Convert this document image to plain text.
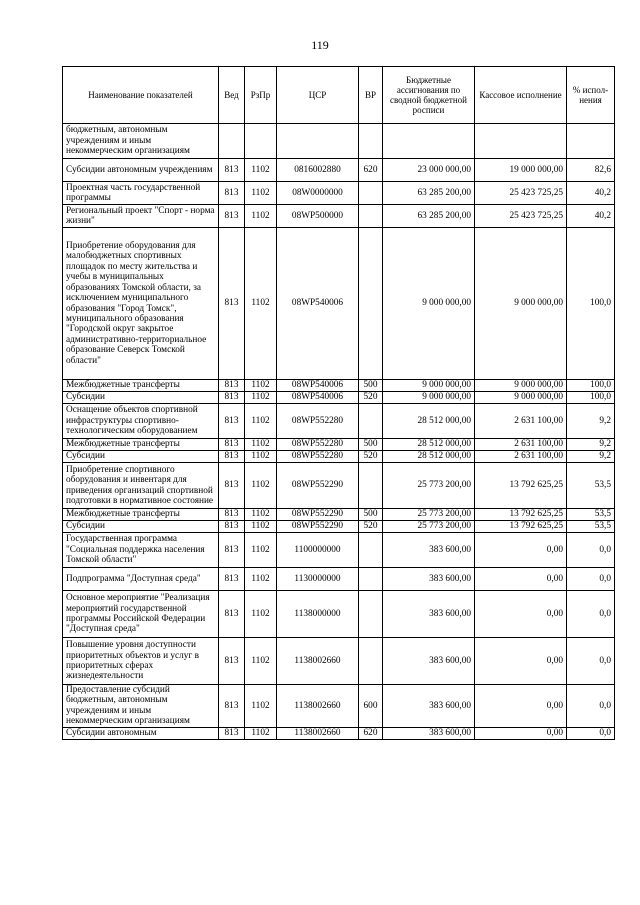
119
Наименование показателей	Вед	РзПр	ЦСР	ВР	Бюджетные ассигнования по сводной бюджетной росписи	Кассовое исполнение	% испол-нения
бюджетным, автономным учреждениям и иным некоммерческим организациям							
Субсидии автономным учреждениям	813	1102	0816002880	620	23 000 000,00	19 000 000,00	82,6
Проектная часть государственной программы	813	1102	08W0000000		63 285 200,00	25 423 725,25	40,2
Региональный проект "Спорт - норма жизни"	813	1102	08WP500000		63 285 200,00	25 423 725,25	40,2
Приобретение оборудования для малобюджетных спортивных площадок по месту жительства и учебы в муниципальных образованиях Томской области, за исключением муниципального образования "Город Томск", муниципального образования "Городской округ закрытое административно-территориальное образование Северск Томской области"	813	1102	08WP540006		9 000 000,00	9 000 000,00	100,0
Межбюджетные трансферты	813	1102	08WP540006	500	9 000 000,00	9 000 000,00	100,0
Субсидии	813	1102	08WP540006	520	9 000 000,00	9 000 000,00	100,0
Оснащение объектов спортивной инфраструктуры спортивно-технологическим оборудованием	813	1102	08WP552280		28 512 000,00	2 631 100,00	9,2
Межбюджетные трансферты	813	1102	08WP552280	500	28 512 000,00	2 631 100,00	9,2
Субсидии	813	1102	08WP552280	520	28 512 000,00	2 631 100,00	9,2
Приобретение спортивного оборудования и инвентаря для приведения организаций спортивной подготовки в нормативное состояние	813	1102	08WP552290		25 773 200,00	13 792 625,25	53,5
Межбюджетные трансферты	813	1102	08WP552290	500	25 773 200,00	13 792 625,25	53,5
Субсидии	813	1102	08WP552290	520	25 773 200,00	13 792 625,25	53,5
Государственная программа "Социальная поддержка населения Томской области"	813	1102	1100000000		383 600,00	0,00	0,0
Подпрограмма "Доступная среда"	813	1102	1130000000		383 600,00	0,00	0,0
Основное мероприятие "Реализация мероприятий государственной программы Российской Федерации "Доступная среда"	813	1102	1138000000		383 600,00	0,00	0,0
Повышение уровня доступности приоритетных объектов и услуг в приоритетных сферах жизнедеятельности	813	1102	1138002660		383 600,00	0,00	0,0
Предоставление субсидий бюджетным, автономным учреждениям и иным некоммерческим организациям	813	1102	1138002660	600	383 600,00	0,00	0,0
Субсидии автономным	813	1102	1138002660	620	383 600,00	0,00	0,0
